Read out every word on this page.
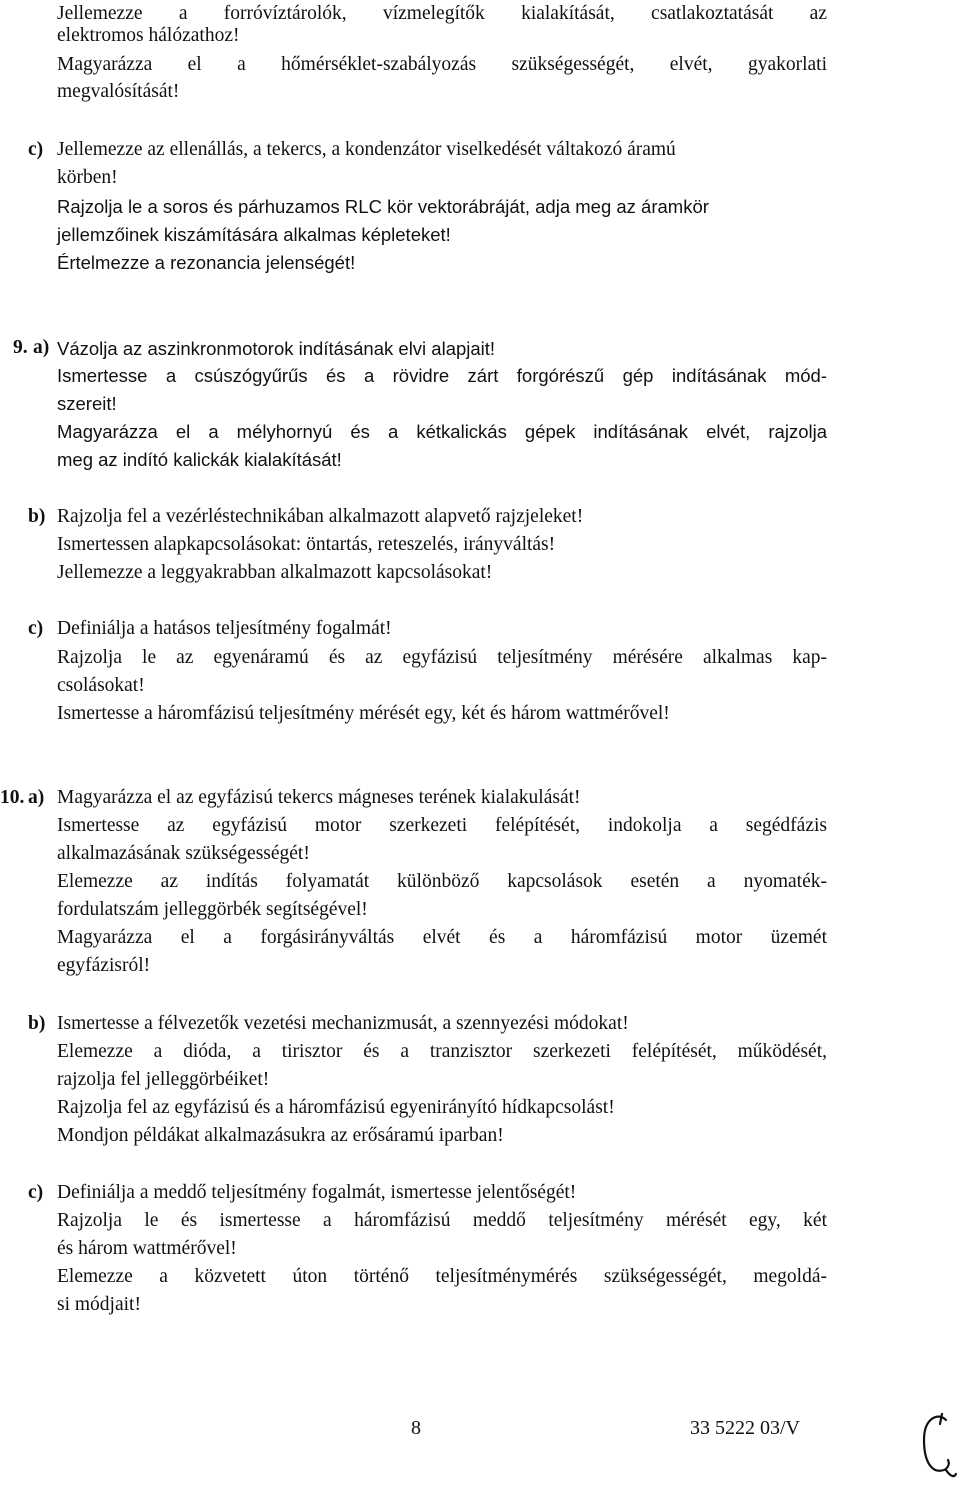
Jellemezze a forróvíztárolók, vízmelegítők kialakítását, csatlakoztatását az
elektromos hálózathoz!
Magyarázza el a hőmérséklet-szabályozás szükségességét, elvét, gyakorlati
megvalósítását!
c) Jellemezze az ellenállás, a tekercs, a kondenzátor viselkedését váltakozó áramú
körben!
Rajzolja le a soros és párhuzamos RLC kör vektorábráját, adja meg az áramkör
jellemzőinek kiszámítására alkalmas képleteket!
Értelmezze a rezonancia jelenségét!
9. a) Vázolja az aszinkronmotorok indításának elvi alapjait!
Ismertesse a csúszógyűrűs és a rövidre zárt forgórészű gép indításának mód-
szereit!
Magyarázza el a mélyhornyú és a kétkalickás gépek indításának elvét, rajzolja
meg az indító kalickák kialakítását!
b) Rajzolja fel a vezérléstechnikában alkalmazott alapvető rajzjeleket!
Ismertessen alapkapcsolásokat: öntartás, reteszelés, irányváltás!
Jellemezze a leggyakrabban alkalmazott kapcsolásokat!
c) Definiálja a hatásos teljesítmény fogalmát!
Rajzolja le az egyenáramú és az egyfázisú teljesítmény mérésére alkalmas kap-
csolásokat!
Ismertesse a háromfázisú teljesítmény mérését egy, két és három wattmérővel!
10. a) Magyarázza el az egyfázisú tekercs mágneses terének kialakulását!
Ismertesse az egyfázisú motor szerkezeti felépítését, indokolja a segédfázis
alkalmazásának szükségességét!
Elemezze az indítás folyamatát különböző kapcsolások esetén a nyomaték-
fordulatszám jelleggörbék segítségével!
Magyarázza el a forgásirányváltás elvét és a háromfázisú motor üzemét
egyfázisról!
b) Ismertesse a félvezetők vezetési mechanizmusát, a szennyezési módokat!
Elemezze a dióda, a tirisztor és a tranzisztor szerkezeti felépítését, működését,
rajzolja fel jelleggörbéiket!
Rajzolja fel az egyfázisú és a háromfázisú egyenirányító hídkapcsolást!
Mondjon példákat alkalmazásukra az erősáramú iparban!
c) Definiálja a meddő teljesítmény fogalmát, ismertesse jelentőségét!
Rajzolja le és ismertesse a háromfázisú meddő teljesítmény mérését egy, két
és három wattmérővel!
Elemezze a közvetett úton történő teljesítménymérés szükségességét, megoldá-
si módjait!
8	33 5222 03/V
